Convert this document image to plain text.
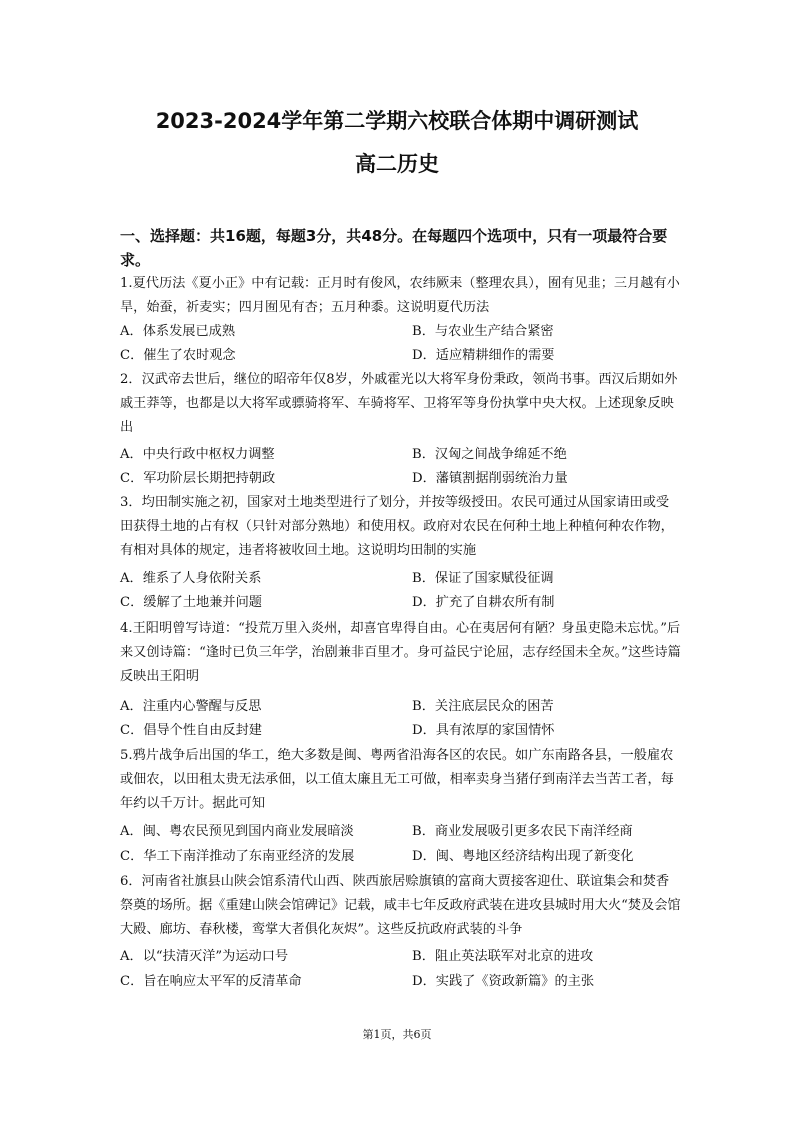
2023-2024学年第二学期六校联合体期中调研测试
高二历史
一、选择题：共16题，每题3分，共48分。在每题四个选项中，只有一项最符合要求。
1.夏代历法《夏小正》中有记载：正月时有俊风，农纬厥耒（整理农具），囿有见韭；三月越有小旱，始蚕，祈麦实；四月囿见有杏；五月种黍。这说明夏代历法
A．体系发展已成熟	B．与农业生产结合紧密
C．催生了农时观念	D．适应精耕细作的需要
2．汉武帝去世后，继位的昭帝年仅8岁，外戚霍光以大将军身份秉政，领尚书事。西汉后期如外戚王莽等，也都是以大将军或骠骑将军、车骑将军、卫将军等身份执掌中央大权。上述现象反映出
A．中央行政中枢权力调整	B．汉匈之间战争绵延不绝
C．军功阶层长期把持朝政	D．藩镇割据削弱统治力量
3．均田制实施之初，国家对土地类型进行了划分，并按等级授田。农民可通过从国家请田或受田获得土地的占有权（只针对部分熟地）和使用权。政府对农民在何种土地上种植何种农作物，有相对具体的规定，违者将被收回土地。这说明均田制的实施
A．维系了人身依附关系	B．保证了国家赋役征调
C．缓解了土地兼并问题	D．扩充了自耕农所有制
4.王阳明曾写诗道：“投荒万里入炎州，却喜官卑得自由。心在夷居何有陋？身虽吏隐未忘忧。”后来又创诗篇：“逢时已负三年学，治剧兼非百里才。身可益民宁论屈，志存经国未全灰。”这些诗篇反映出王阳明
A．注重内心警醒与反思	B．关注底层民众的困苦
C．倡导个性自由反封建	D．具有浓厚的家国情怀
5.鸦片战争后出国的华工，绝大多数是闽、粤两省沿海各区的农民。如广东南路各县，一般雇农或佃农，以田租太贵无法承佃，以工值太廉且无工可做，相率卖身当猪仔到南洋去当苦工者，每年约以千万计。据此可知
A．闽、粤农民预见到国内商业发展暗淡	B．商业发展吸引更多农民下南洋经商
C．华工下南洋推动了东南亚经济的发展	D．闽、粤地区经济结构出现了新变化
6．河南省社旗县山陕会馆系清代山西、陕西旅居赊旗镇的富商大贾接客迎仕、联谊集会和焚香祭奠的场所。据《重建山陕会馆碑记》记载，咸丰七年反政府武装在进攻县城时用大火“焚及会馆大殿、廊坊、春秋楼，鸾掌大者俱化灰烬”。这些反抗政府武装的斗争
A．以“扶清灭洋”为运动口号	B．阻止英法联军对北京的进攻
C．旨在响应太平军的反清革命	D．实践了《资政新篇》的主张
第1页，共6页
